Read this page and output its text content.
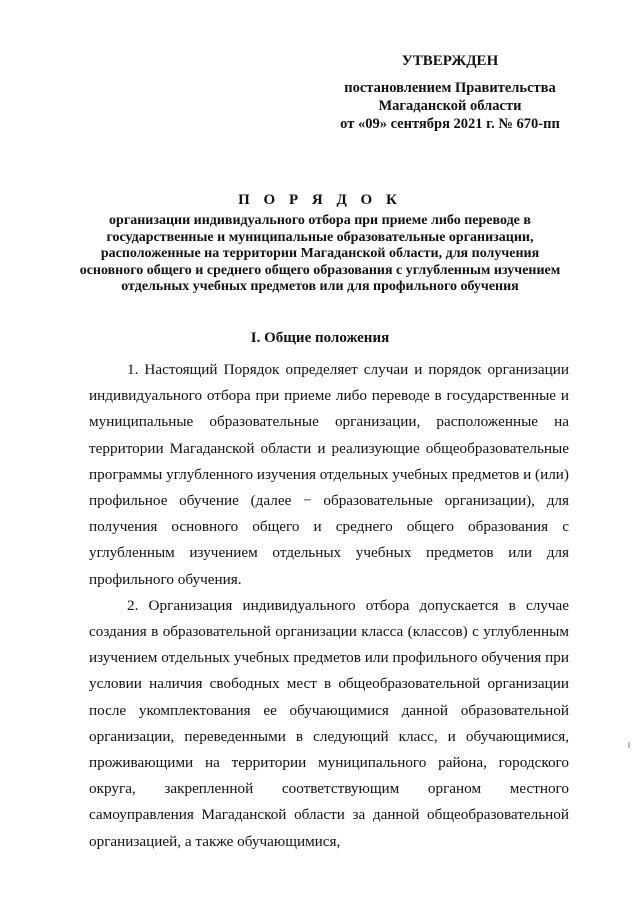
УТВЕРЖДЕН
постановлением Правительства
Магаданской области
от «09» сентября 2021 г. № 670-пп
П О Р Я Д О К
организации индивидуального отбора при приеме либо переводе в государственные и муниципальные образовательные организации, расположенные на территории Магаданской области, для получения основного общего и среднего общего образования с углубленным изучением отдельных учебных предметов или для профильного обучения
I. Общие положения

1. Настоящий Порядок определяет случаи и порядок организации индивидуального отбора при приеме либо переводе в государственные и муниципальные образовательные организации, расположенные на территории Магаданской области и реализующие общеобразовательные программы углубленного изучения отдельных учебных предметов и (или) профильное обучение (далее − образовательные организации), для получения основного общего и среднего общего образования с углубленным изучением отдельных учебных предметов или для профильного обучения.

2. Организация индивидуального отбора допускается в случае создания в образовательной организации класса (классов) с углубленным изучением отдельных учебных предметов или профильного обучения при условии наличия свободных мест в общеобразовательной организации после укомплектования ее обучающимися данной образовательной организации, переведенными в следующий класс, и обучающимися, проживающими на территории муниципального района, городского округа, закрепленной соответствующим органом местного самоуправления Магаданской области за данной общеобразовательной организацией, а также обучающимися,
